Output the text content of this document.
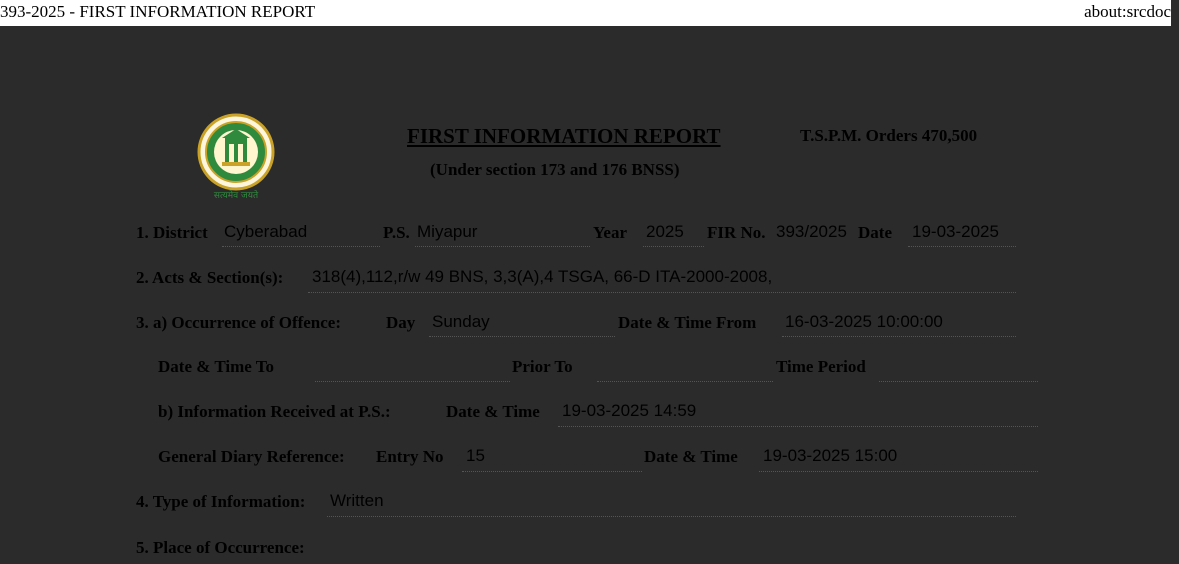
393-2025 - FIRST INFORMATION REPORT	about:srcdoc
सत्यमेव जयते
FIRST INFORMATION REPORT
(Under section 173 and 176 BNSS)
T.S.P.M. Orders 470,500
1. District Cyberabad	P.S. Miyapur	Year 2025 FIR No. 393/2025 Date 19-03-2025
2. Acts & Section(s): 318(4),112,r/w 49 BNS, 3,3(A),4 TSGA, 66-D ITA-2000-2008,
3. a) Occurrence of Offence:	Day Sunday	Date & Time From 16-03-2025 10:00:00
Date & Time To	Prior To	Time Period
b) Information Received at P.S.:	Date & Time 19-03-2025 14:59
General Diary Reference: Entry No 15	Date & Time 19-03-2025 15:00
4. Type of Information: Written
5. Place of Occurrence:
